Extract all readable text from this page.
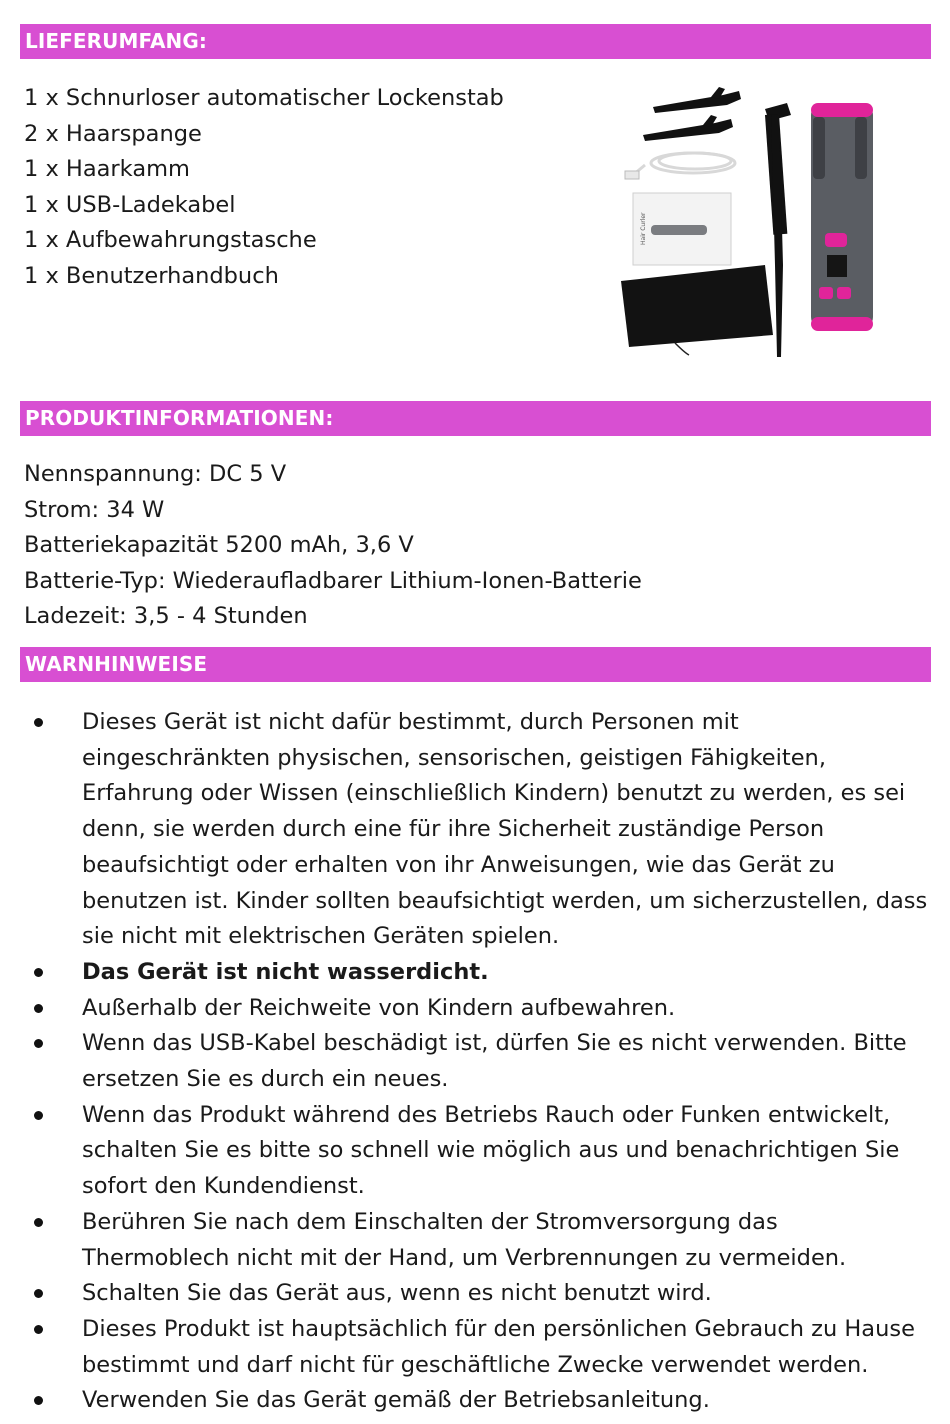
LIEFERUMFANG:
1 x Schnurloser automatischer Lockenstab
2 x Haarspange
1 x Haarkamm
1 x USB-Ladekabel
1 x Aufbewahrungstasche
1 x Benutzerhandbuch
Hair Curler
PRODUKTINFORMATIONEN:
Nennspannung: DC 5 V
Strom: 34 W
Batteriekapazität 5200 mAh, 3,6 V
Batterie-Typ: Wiederaufladbarer Lithium-Ionen-Batterie
Ladezeit: 3,5 - 4 Stunden
WARNHINWEISE
Dieses Gerät ist nicht dafür bestimmt, durch Personen mit eingeschränkten physischen, sensorischen, geistigen Fähigkeiten, Erfahrung oder Wissen (einschließlich Kindern) benutzt zu werden, es sei denn, sie werden durch eine für ihre Sicherheit zuständige Person beaufsichtigt oder erhalten von ihr Anweisungen, wie das Gerät zu benutzen ist. Kinder sollten beaufsichtigt werden, um sicherzustellen, dass sie nicht mit elektrischen Geräten spielen.
Das Gerät ist nicht wasserdicht.
Außerhalb der Reichweite von Kindern aufbewahren.
Wenn das USB-Kabel beschädigt ist, dürfen Sie es nicht verwenden. Bitte ersetzen Sie es durch ein neues.
Wenn das Produkt während des Betriebs Rauch oder Funken entwickelt, schalten Sie es bitte so schnell wie möglich aus und benachrichtigen Sie sofort den Kundendienst.
Berühren Sie nach dem Einschalten der Stromversorgung das Thermoblech nicht mit der Hand, um Verbrennungen zu vermeiden.
Schalten Sie das Gerät aus, wenn es nicht benutzt wird.
Dieses Produkt ist hauptsächlich für den persönlichen Gebrauch zu Hause bestimmt und darf nicht für geschäftliche Zwecke verwendet werden.
Verwenden Sie das Gerät gemäß der Betriebsanleitung.
